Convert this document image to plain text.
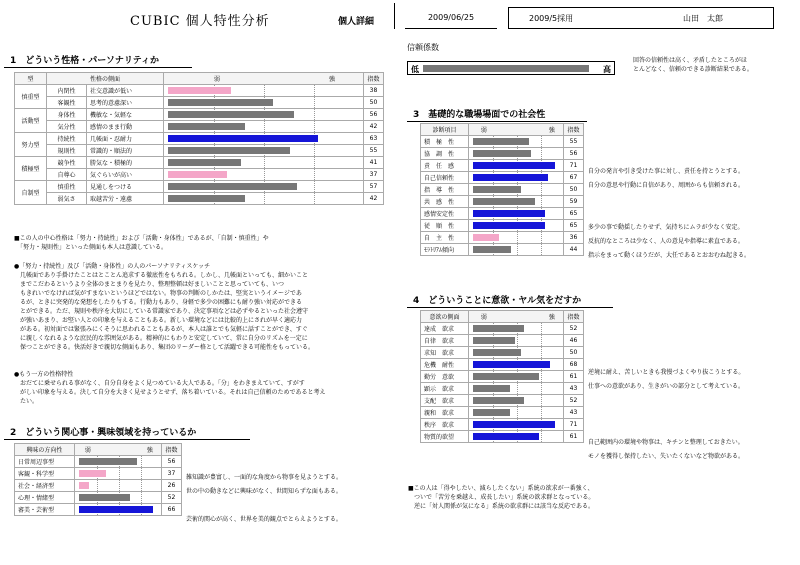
CUBIC 個人特性分析	個人詳細	2009/06/25	2009/5採用	山田　太郎
1　どういう性格・パーソナリティか
型	性格の側面		弱 強	指数
慎重型	内閉性	社交意識が低い		38
	客観性	思考的意慮深い		50
活動型	身体性	機敏な・気軽な		56
	気分性	感情のまま行動		42
努力型	持続性	几帳面・忍耐力		63
	規則性	常識的・順法的		55
積極型	競争性	勝気な・積極的		41
	自尊心	気ぐらいが高い		37
自制型	慎重性	見通しをつける		57
	弱気さ	取越苦労・遠慮		42
■この人の中心性格は「努力・持続性」および「活動・身体性」であるが、「自制・慎重性」や
　「努力・規則性」といった側面も本人は意識している。
●「努力・持続性」及び「活動・身体性」の人のパーソナリティスケッチ
　几帳面であり手掛けたことはとことん追求する徹底性をもちれる。しかし、几帳面といっても、細かいこと
　までこだわるというより全体のまとまりを見たり、整理整頓は好ましいことと思っていても、いつ
　もきれいでなければ気がすまないというほどではない。物事の判断のしかたは、堅実というイメージであ
　るが、ときに突発的な発想をしたりもする。行動力もあり、身軽で多少の困難にも耐り強い対応ができる
　とができる。ただ、規則や秩序を大切にしている常識家であり、決定事項などは必ずやるといった社会遵守
　が強いあまり、お堅い人との印象を与えることもある。新しい環境などには比較的上にされが早く適応力
　がある。初対面では緊張みにくそうに思われることもあるが、本人は誰とでも気軽に話すことができ、すぐ
　に親しくなれるような庶民的な雰囲気がある。精神的にもわりと安定していて、常に自分のリズムを一定に
　保つことができる。快活好きで親切な側面もあり、集団のリーダー格として活躍できる可能性をもっている。
●もう一方の性格特性
　おだてに乗せられる事がなく、自分自身をよく見つめている大人である。「分」をわきまえていて、すがす
　がしい印象を与える。決して自分を大きく見せようとせず、落ち着いている。それは自己信頼のためであると考え
　たい。
2　どういう関心事・興味領域を持っているか
興味の方向性	弱 強	指数
日常周辺事型		56
客観・科学型		37
社会・経済型		26
心理・情緒型		52
審美・芸術型		66
雑知識が豊富し、一面的な角度から物事を見ようとする。
世の中の動きなどに興味がなく、世間知らずな面もある。
芸術的関心が高く、世界を美的観点でとらえようとする。
信頼係数
低	高
回答の信頼性は高く、矛盾したところがほ
とんどなく、信頼のできる診断結果である。
3　基礎的な職場場面での社会性
診断項目	弱 強	指数
積　極　性		55
協　調　性		56
責　任　感		71
自己信頼性		67
指　導　性		50
共　感　性		59
感情安定性		65
従　順　性		65
自　主　性		36
ﾓﾗﾄﾘｱﾑ傾向		44
自分の発言や引き受けた事に対し、責任を持とうとする。
自分の意思や行動に自信があり、周囲からも信頼される。
多少の事で動揺したりせず、気持ちにムラが少なく安定。
反抗的なところは少なく、人の意見や指導に素直である。
指示をまって動くほうだが、大任であるとおおむね起きる。
4　どういうことに意欲・ヤル気をだすか
意欲の側面	弱 強	指数
達成　欲求		52
自律　欲求		46
求知　欲求		50
危機　耐性		68
勤労　意欲		61
顕示　欲求		43
支配　欲求		52
親和　欲求		43
秩序　欲求		71
物質的欲望		61
逆境に耐え、苦しいときも我慢づよくやり抜こうとする。
仕事への意欲があり、生きがいの部分として考えている。
自己範囲内の環境や物事は、キチンと整理しておきたい。
モノを獲得し保持したい、失いたくないなど物欲がある。
■この人は「得やしたい、減らしたくない」系統の欲求が一番強く、
　ついで「苦労を乗越え、成長したい」系統の欲求群となっている。
　逆に「対人関係が気になる」系統の欲求群には該当な反応である。
